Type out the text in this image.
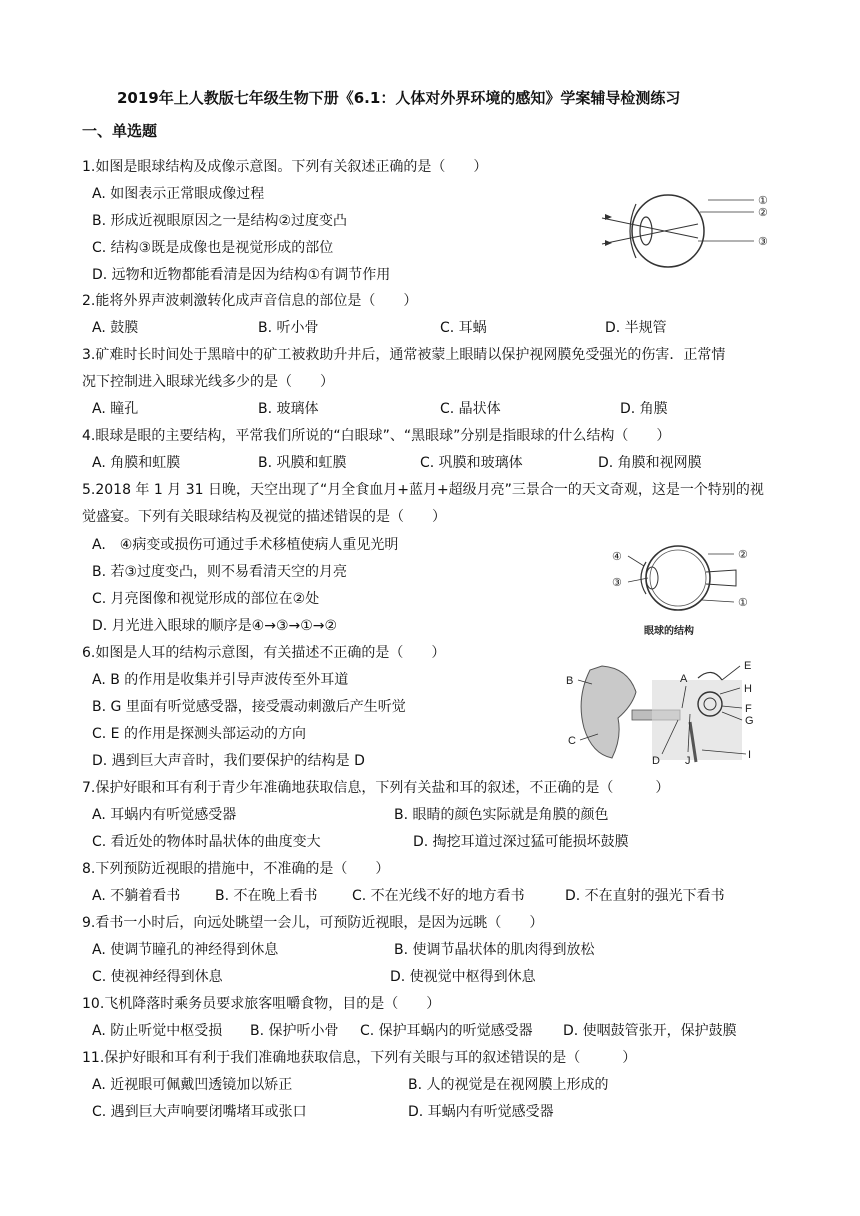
2019年上人教版七年级生物下册《6.1：人体对外界环境的感知》学案辅导检测练习
一、单选题
1.如图是眼球结构及成像示意图。下列有关叙述正确的是（　　）
A. 如图表示正常眼成像过程
B. 形成近视眼原因之一是结构②过度变凸
C. 结构③既是成像也是视觉形成的部位
D. 远物和近物都能看清是因为结构①有调节作用
①
②
③
2.能将外界声波刺激转化成声音信息的部位是（　　）
A. 鼓膜	B. 听小骨	C. 耳蜗	D. 半规管
3.矿难时长时间处于黑暗中的矿工被救助升井后，通常被蒙上眼睛以保护视网膜免受强光的伤害．正常情
况下控制进入眼球光线多少的是（　　）
A. 瞳孔	B. 玻璃体	C. 晶状体	D. 角膜
4.眼球是眼的主要结构，平常我们所说的“白眼球”、“黑眼球”分别是指眼球的什么结构（　　）
A. 角膜和虹膜	B. 巩膜和虹膜	C. 巩膜和玻璃体	D. 角膜和视网膜
5.2018 年 1 月 31 日晚，天空出现了“月全食血月+蓝月+超级月亮”三景合一的天文奇观，这是一个特别的视
觉盛宴。下列有关眼球结构及视觉的描述错误的是（　　）
A.　④病变或损伤可通过手术移植使病人重见光明
B. 若③过度变凸，则不易看清天空的月亮
C. 月亮图像和视觉形成的部位在②处
D. 月光进入眼球的顺序是④→③→①→②
④
③
②
①
眼球的结构
6.如图是人耳的结构示意图，有关描述不正确的是（　　）
A. B 的作用是收集并引导声波传至外耳道
B. G 里面有听觉感受器，接受震动刺激后产生听觉
C. E 的作用是探测头部运动的方向
D. 遇到巨大声音时，我们要保护的结构是 D
B	A
E
H
F
G
C
D J	I
7.保护好眼和耳有利于青少年准确地获取信息，下列有关盐和耳的叙述，不正确的是（　　　）
A. 耳蜗内有听觉感受器	B. 眼睛的颜色实际就是角膜的颜色
C. 看近处的物体时晶状体的曲度变大	D. 掏挖耳道过深过猛可能损坏鼓膜
8.下列预防近视眼的措施中，不准确的是（　　）
A. 不躺着看书 B. 不在晚上看书 C. 不在光线不好的地方看书	D. 不在直射的强光下看书
9.看书一小时后，向远处眺望一会儿，可预防近视眼，是因为远眺（　　）
A. 使调节瞳孔的神经得到休息	B. 使调节晶状体的肌肉得到放松
C. 使视神经得到休息	D. 使视觉中枢得到休息
10.飞机降落时乘务员要求旅客咀嚼食物，目的是（　　）
A. 防止听觉中枢受损 B. 保护听小骨 C. 保护耳蜗内的听觉感受器 D. 使咽鼓管张开，保护鼓膜
11.保护好眼和耳有利于我们准确地获取信息，下列有关眼与耳的叙述错误的是（　　　）
A. 近视眼可佩戴凹透镜加以矫正	B. 人的视觉是在视网膜上形成的
C. 遇到巨大声响要闭嘴堵耳或张口	D. 耳蜗内有听觉感受器
